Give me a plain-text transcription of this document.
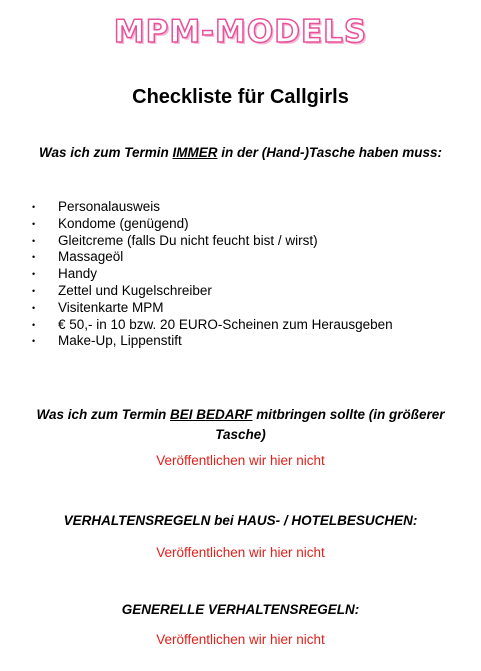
MPM-MODELS
Checkliste für Callgirls
Was ich zum Termin IMMER in der (Hand-)Tasche haben muss:
•	Personalausweis
•	Kondome (genügend)
•	Gleitcreme (falls Du nicht feucht bist / wirst)
•	Massageöl
•	Handy
•	Zettel und Kugelschreiber
•	Visitenkarte MPM
•	€ 50,- in 10 bzw. 20 EURO-Scheinen zum Herausgeben
•	Make-Up, Lippenstift
Was ich zum Termin BEI BEDARF mitbringen sollte (in größerer Tasche)
Veröffentlichen wir hier nicht
VERHALTENSREGELN bei HAUS- / HOTELBESUCHEN:
Veröffentlichen wir hier nicht
GENERELLE VERHALTENSREGELN:
Veröffentlichen wir hier nicht
